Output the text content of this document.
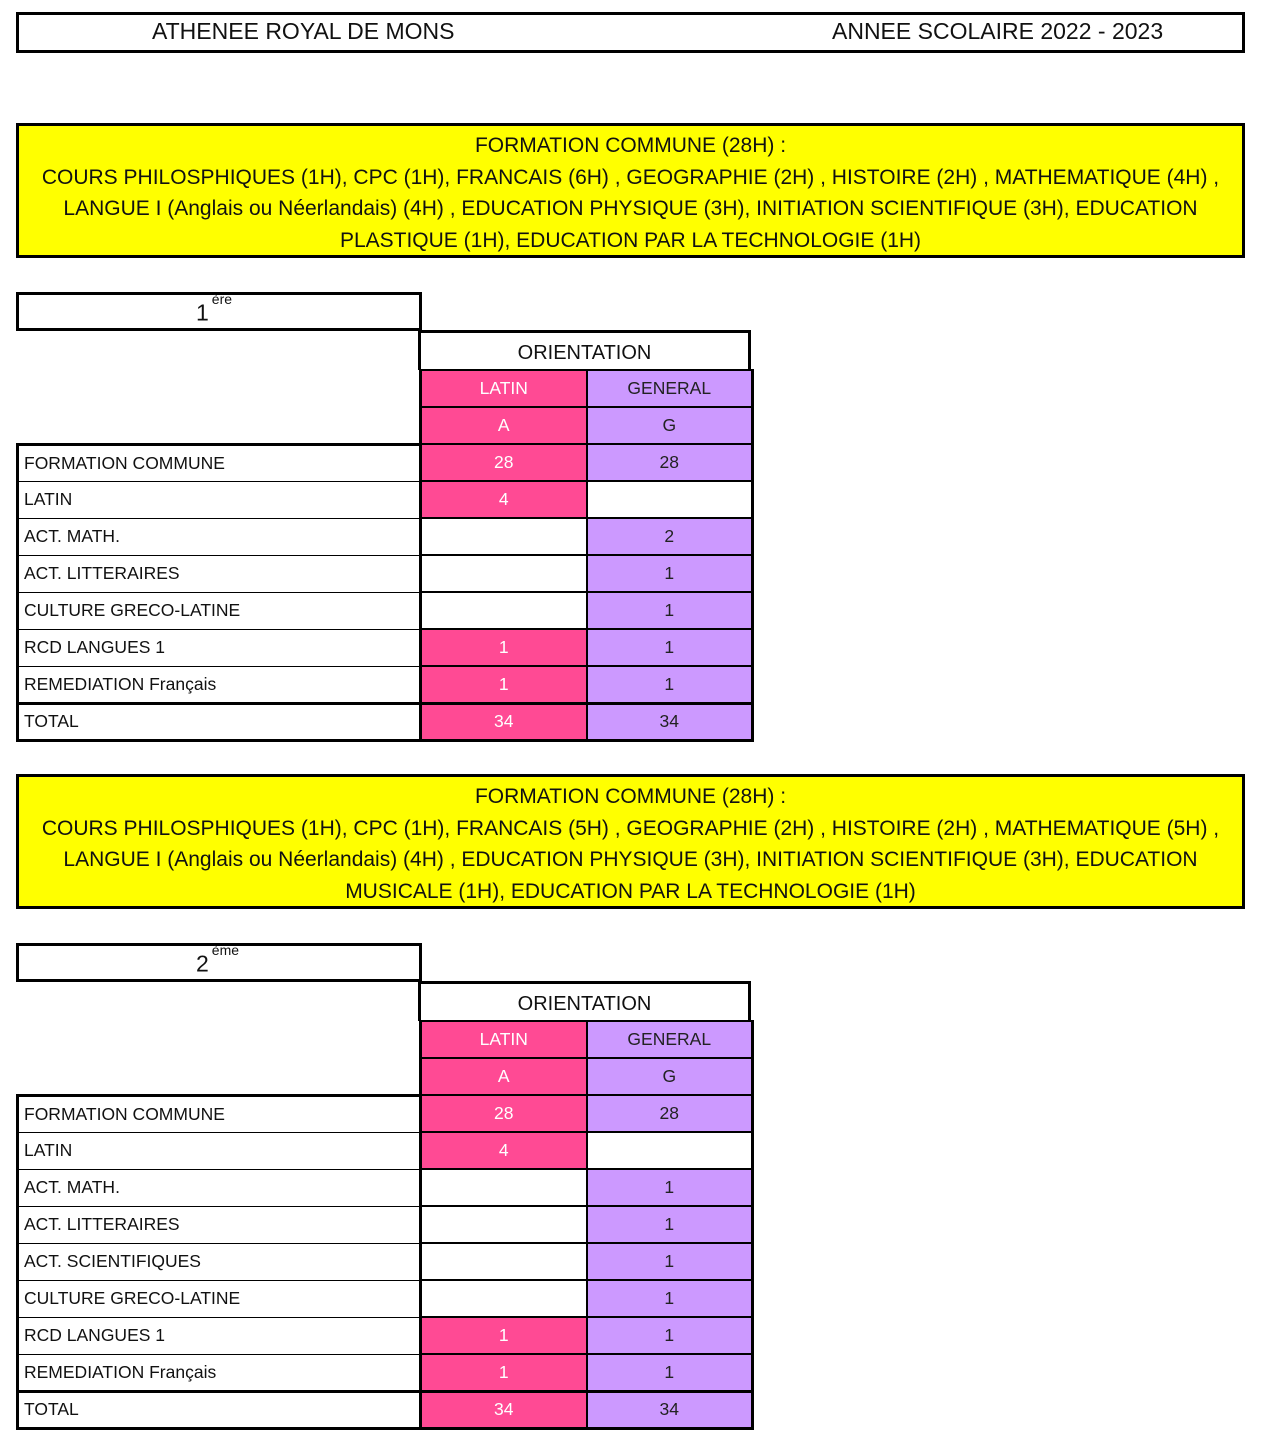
ATHENEE ROYAL DE MONS	ANNEE SCOLAIRE 2022 - 2023
FORMATION COMMUNE (28H) :
COURS PHILOSPHIQUES (1H), CPC (1H), FRANCAIS (6H) , GEOGRAPHIE (2H) , HISTOIRE (2H) , MATHEMATIQUE (4H) ,
LANGUE I (Anglais ou Néerlandais) (4H) , EDUCATION PHYSIQUE (3H), INITIATION SCIENTIFIQUE (3H), EDUCATION
PLASTIQUE (1H), EDUCATION PAR LA TECHNOLOGIE (1H)
1ère
ORIENTATION
	LATIN	GENERAL
	A	G
FORMATION COMMUNE	28	28
LATIN	4	
ACT. MATH.		2
ACT. LITTERAIRES		1
CULTURE GRECO-LATINE		1
RCD LANGUES 1	1	1
REMEDIATION Français	1	1
TOTAL	34	34
FORMATION COMMUNE (28H) :
COURS PHILOSPHIQUES (1H), CPC (1H), FRANCAIS (5H) , GEOGRAPHIE (2H) , HISTOIRE (2H) , MATHEMATIQUE (5H) ,
LANGUE I (Anglais ou Néerlandais) (4H) , EDUCATION PHYSIQUE (3H), INITIATION SCIENTIFIQUE (3H), EDUCATION
MUSICALE (1H), EDUCATION PAR LA TECHNOLOGIE (1H)
2ème
ORIENTATION
	LATIN	GENERAL
	A	G
FORMATION COMMUNE	28	28
LATIN	4	
ACT. MATH.		1
ACT. LITTERAIRES		1
ACT. SCIENTIFIQUES		1
CULTURE GRECO-LATINE		1
RCD LANGUES 1	1	1
REMEDIATION Français	1	1
TOTAL	34	34
